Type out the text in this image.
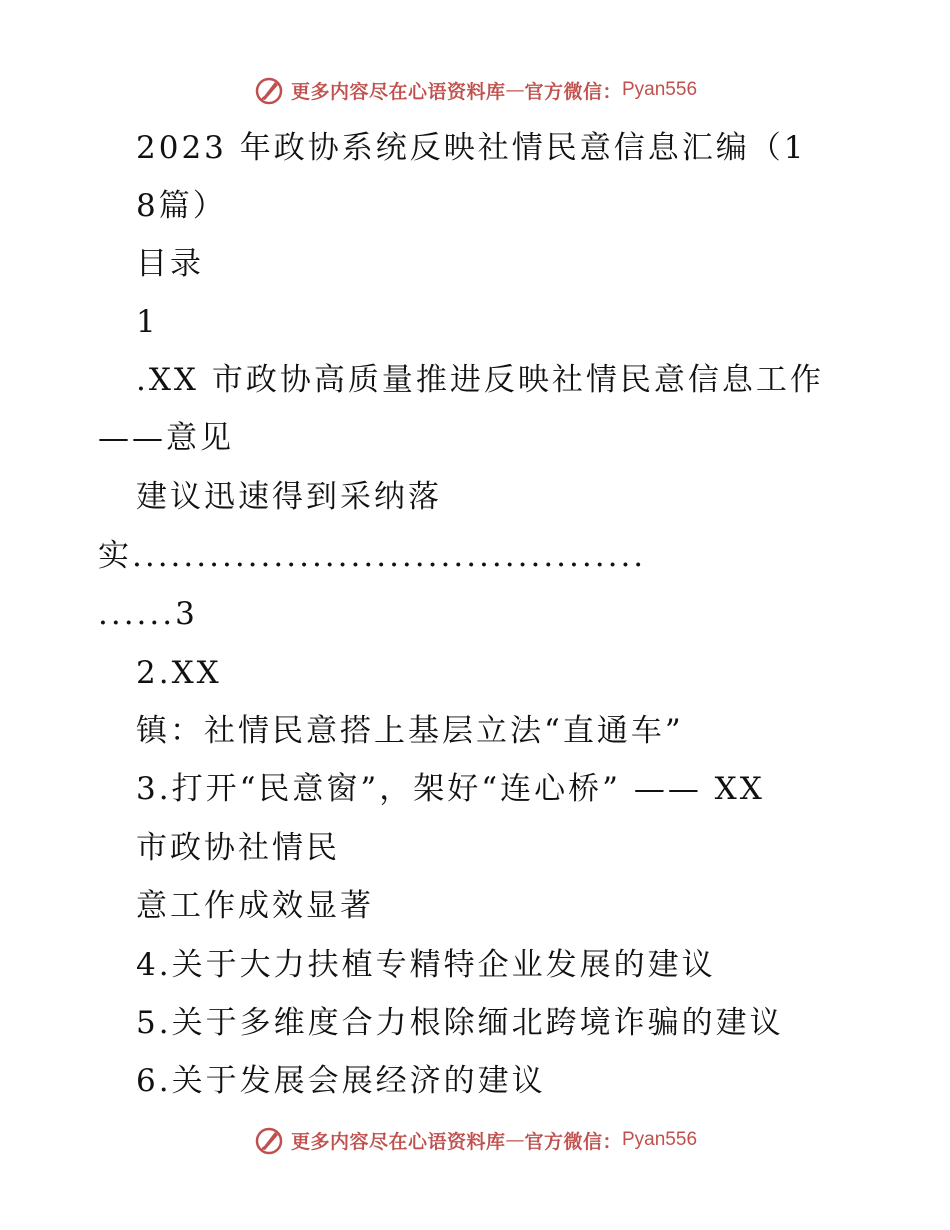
更多内容尽在心语资料库 — 官方微信： Pyan556
2023 年政协系统反映社情民意信息汇编（1
8篇）
目录
1
.XX 市政协高质量推进反映社情民意信息工作
——意见
建议迅速得到采纳落
实........................................
......3
2.XX
镇：社情民意搭上基层立法“直通车”
3.打开“民意窗”，架好“连心桥” —— XX
市政协社情民
意工作成效显著
4.关于大力扶植专精特企业发展的建议
5.关于多维度合力根除缅北跨境诈骗的建议
6.关于发展会展经济的建议
更多内容尽在心语资料库 — 官方微信： Pyan556
